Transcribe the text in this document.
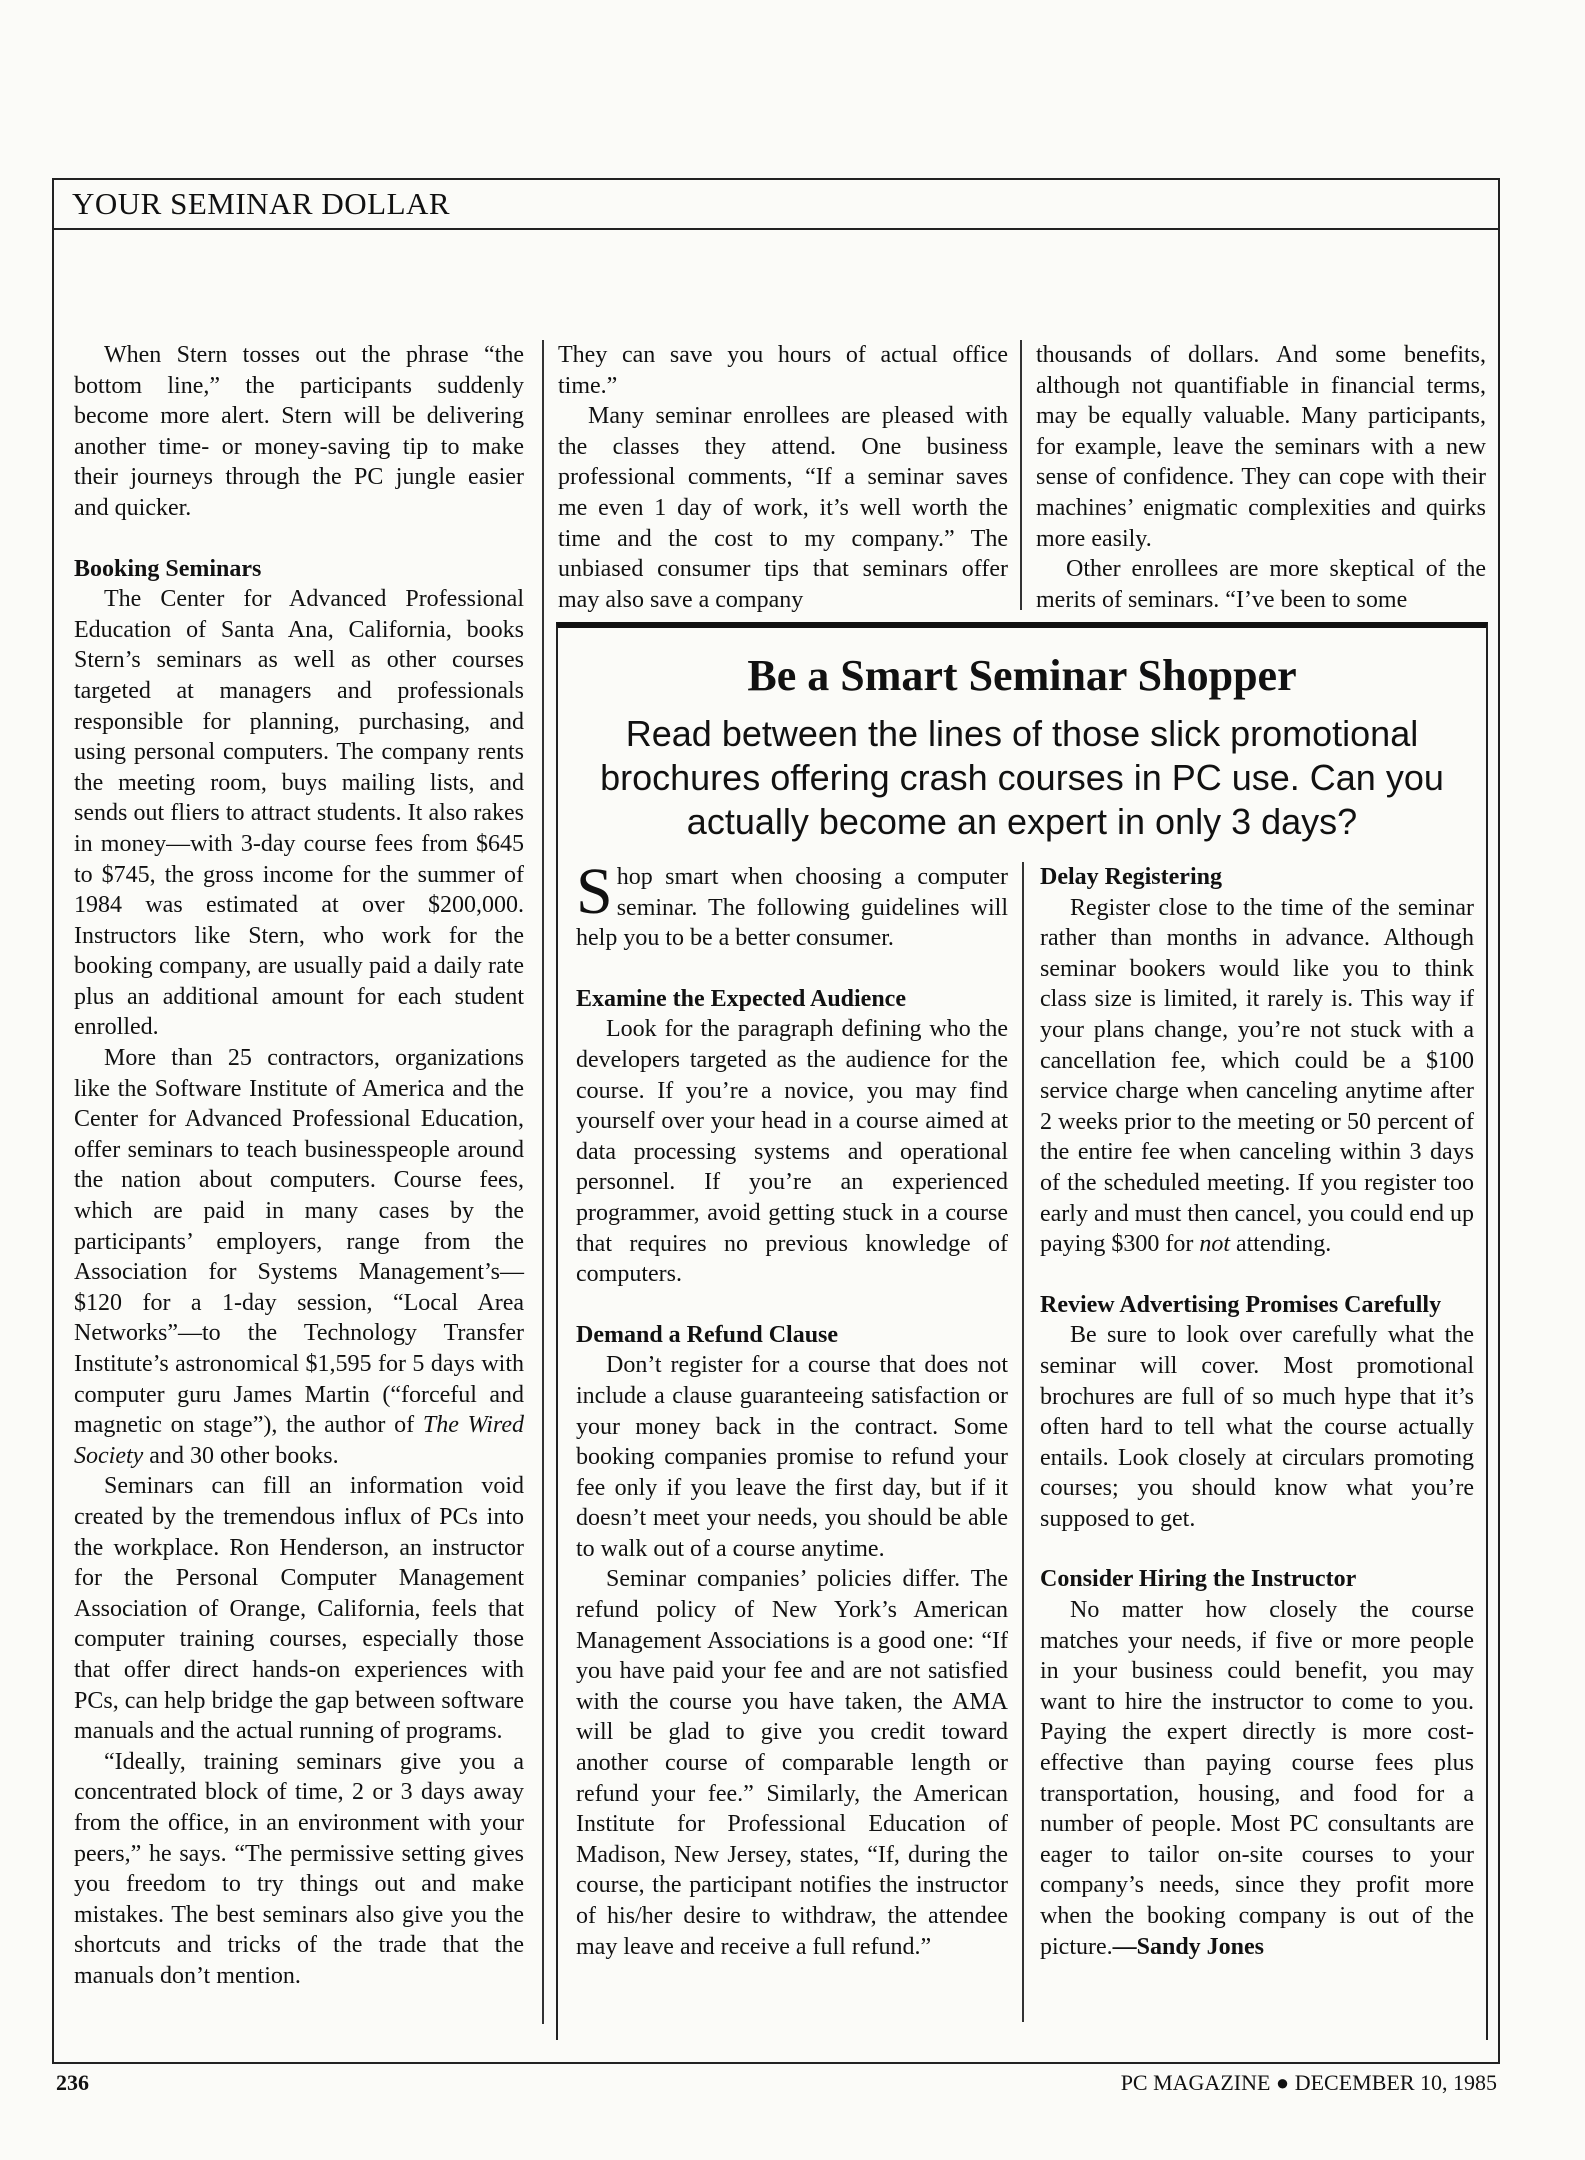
YOUR SEMINAR DOLLAR

When Stern tosses out the phrase “the bottom line,” the participants suddenly become more alert. Stern will be delivering another time- or money-saving tip to make their journeys through the PC jungle easier and quicker.

Booking Seminars

The Center for Advanced Professional Education of Santa Ana, California, books Stern’s seminars as well as other courses targeted at managers and professionals responsible for planning, purchasing, and using personal computers. The company rents the meeting room, buys mailing lists, and sends out fliers to attract students. It also rakes in money—with 3-day course fees from $645 to $745, the gross income for the summer of 1984 was estimated at over $200,000. Instructors like Stern, who work for the booking company, are usually paid a daily rate plus an additional amount for each student enrolled.

More than 25 contractors, organizations like the Software Institute of America and the Center for Advanced Professional Education, offer seminars to teach businesspeople around the nation about computers. Course fees, which are paid in many cases by the participants’ employers, range from the Association for Systems Management’s—$120 for a 1-day session, “Local Area Networks”—to the Technology Transfer Institute’s astronomical $1,595 for 5 days with computer guru James Martin (“forceful and magnetic on stage”), the author of The Wired Society and 30 other books.

Seminars can fill an information void created by the tremendous influx of PCs into the workplace. Ron Henderson, an instructor for the Personal Computer Management Association of Orange, California, feels that computer training courses, especially those that offer direct hands-on experiences with PCs, can help bridge the gap between software manuals and the actual running of programs.

“Ideally, training seminars give you a concentrated block of time, 2 or 3 days away from the office, in an environment with your peers,” he says. “The permissive setting gives you freedom to try things out and make mistakes. The best seminars also give you the shortcuts and tricks of the trade that the manuals don’t mention.

They can save you hours of actual office time.”

Many seminar enrollees are pleased with the classes they attend. One business professional comments, “If a seminar saves me even 1 day of work, it’s well worth the time and the cost to my company.” The unbiased consumer tips that seminars offer may also save a company

thousands of dollars. And some benefits, although not quantifiable in financial terms, may be equally valuable. Many participants, for example, leave the seminars with a new sense of confidence. They can cope with their machines’ enigmatic complexities and quirks more easily.

Other enrollees are more skeptical of the merits of seminars. “I’ve been to some

Be a Smart Seminar Shopper
Read between the lines of those slick promotional brochures offering crash courses in PC use. Can you actually become an expert in only 3 days?

Shop smart when choosing a computer seminar. The following guidelines will help you to be a better consumer.

Examine the Expected Audience

Look for the paragraph defining who the developers targeted as the audience for the course. If you’re a novice, you may find yourself over your head in a course aimed at data processing systems and operational personnel. If you’re an experienced programmer, avoid getting stuck in a course that requires no previous knowledge of computers.

Demand a Refund Clause

Don’t register for a course that does not include a clause guaranteeing satisfaction or your money back in the contract. Some booking companies promise to refund your fee only if you leave the first day, but if it doesn’t meet your needs, you should be able to walk out of a course anytime.

Seminar companies’ policies differ. The refund policy of New York’s American Management Associations is a good one: “If you have paid your fee and are not satisfied with the course you have taken, the AMA will be glad to give you credit toward another course of comparable length or refund your fee.” Similarly, the American Institute for Professional Education of Madison, New Jersey, states, “If, during the course, the participant notifies the instructor of his/her desire to withdraw, the attendee may leave and receive a full refund.”

Delay Registering

Register close to the time of the seminar rather than months in advance. Although seminar bookers would like you to think class size is limited, it rarely is. This way if your plans change, you’re not stuck with a cancellation fee, which could be a $100 service charge when canceling anytime after 2 weeks prior to the meeting or 50 percent of the entire fee when canceling within 3 days of the scheduled meeting. If you register too early and must then cancel, you could end up paying $300 for not attending.

Review Advertising Promises Carefully

Be sure to look over carefully what the seminar will cover. Most promotional brochures are full of so much hype that it’s often hard to tell what the course actually entails. Look closely at circulars promoting courses; you should know what you’re supposed to get.

Consider Hiring the Instructor

No matter how closely the course matches your needs, if five or more people in your business could benefit, you may want to hire the instructor to come to you. Paying the expert directly is more cost-effective than paying course fees plus transportation, housing, and food for a number of people. Most PC consultants are eager to tailor on-site courses to your company’s needs, since they profit more when the booking company is out of the picture.—Sandy Jones

236	PC MAGAZINE ● DECEMBER 10, 1985
